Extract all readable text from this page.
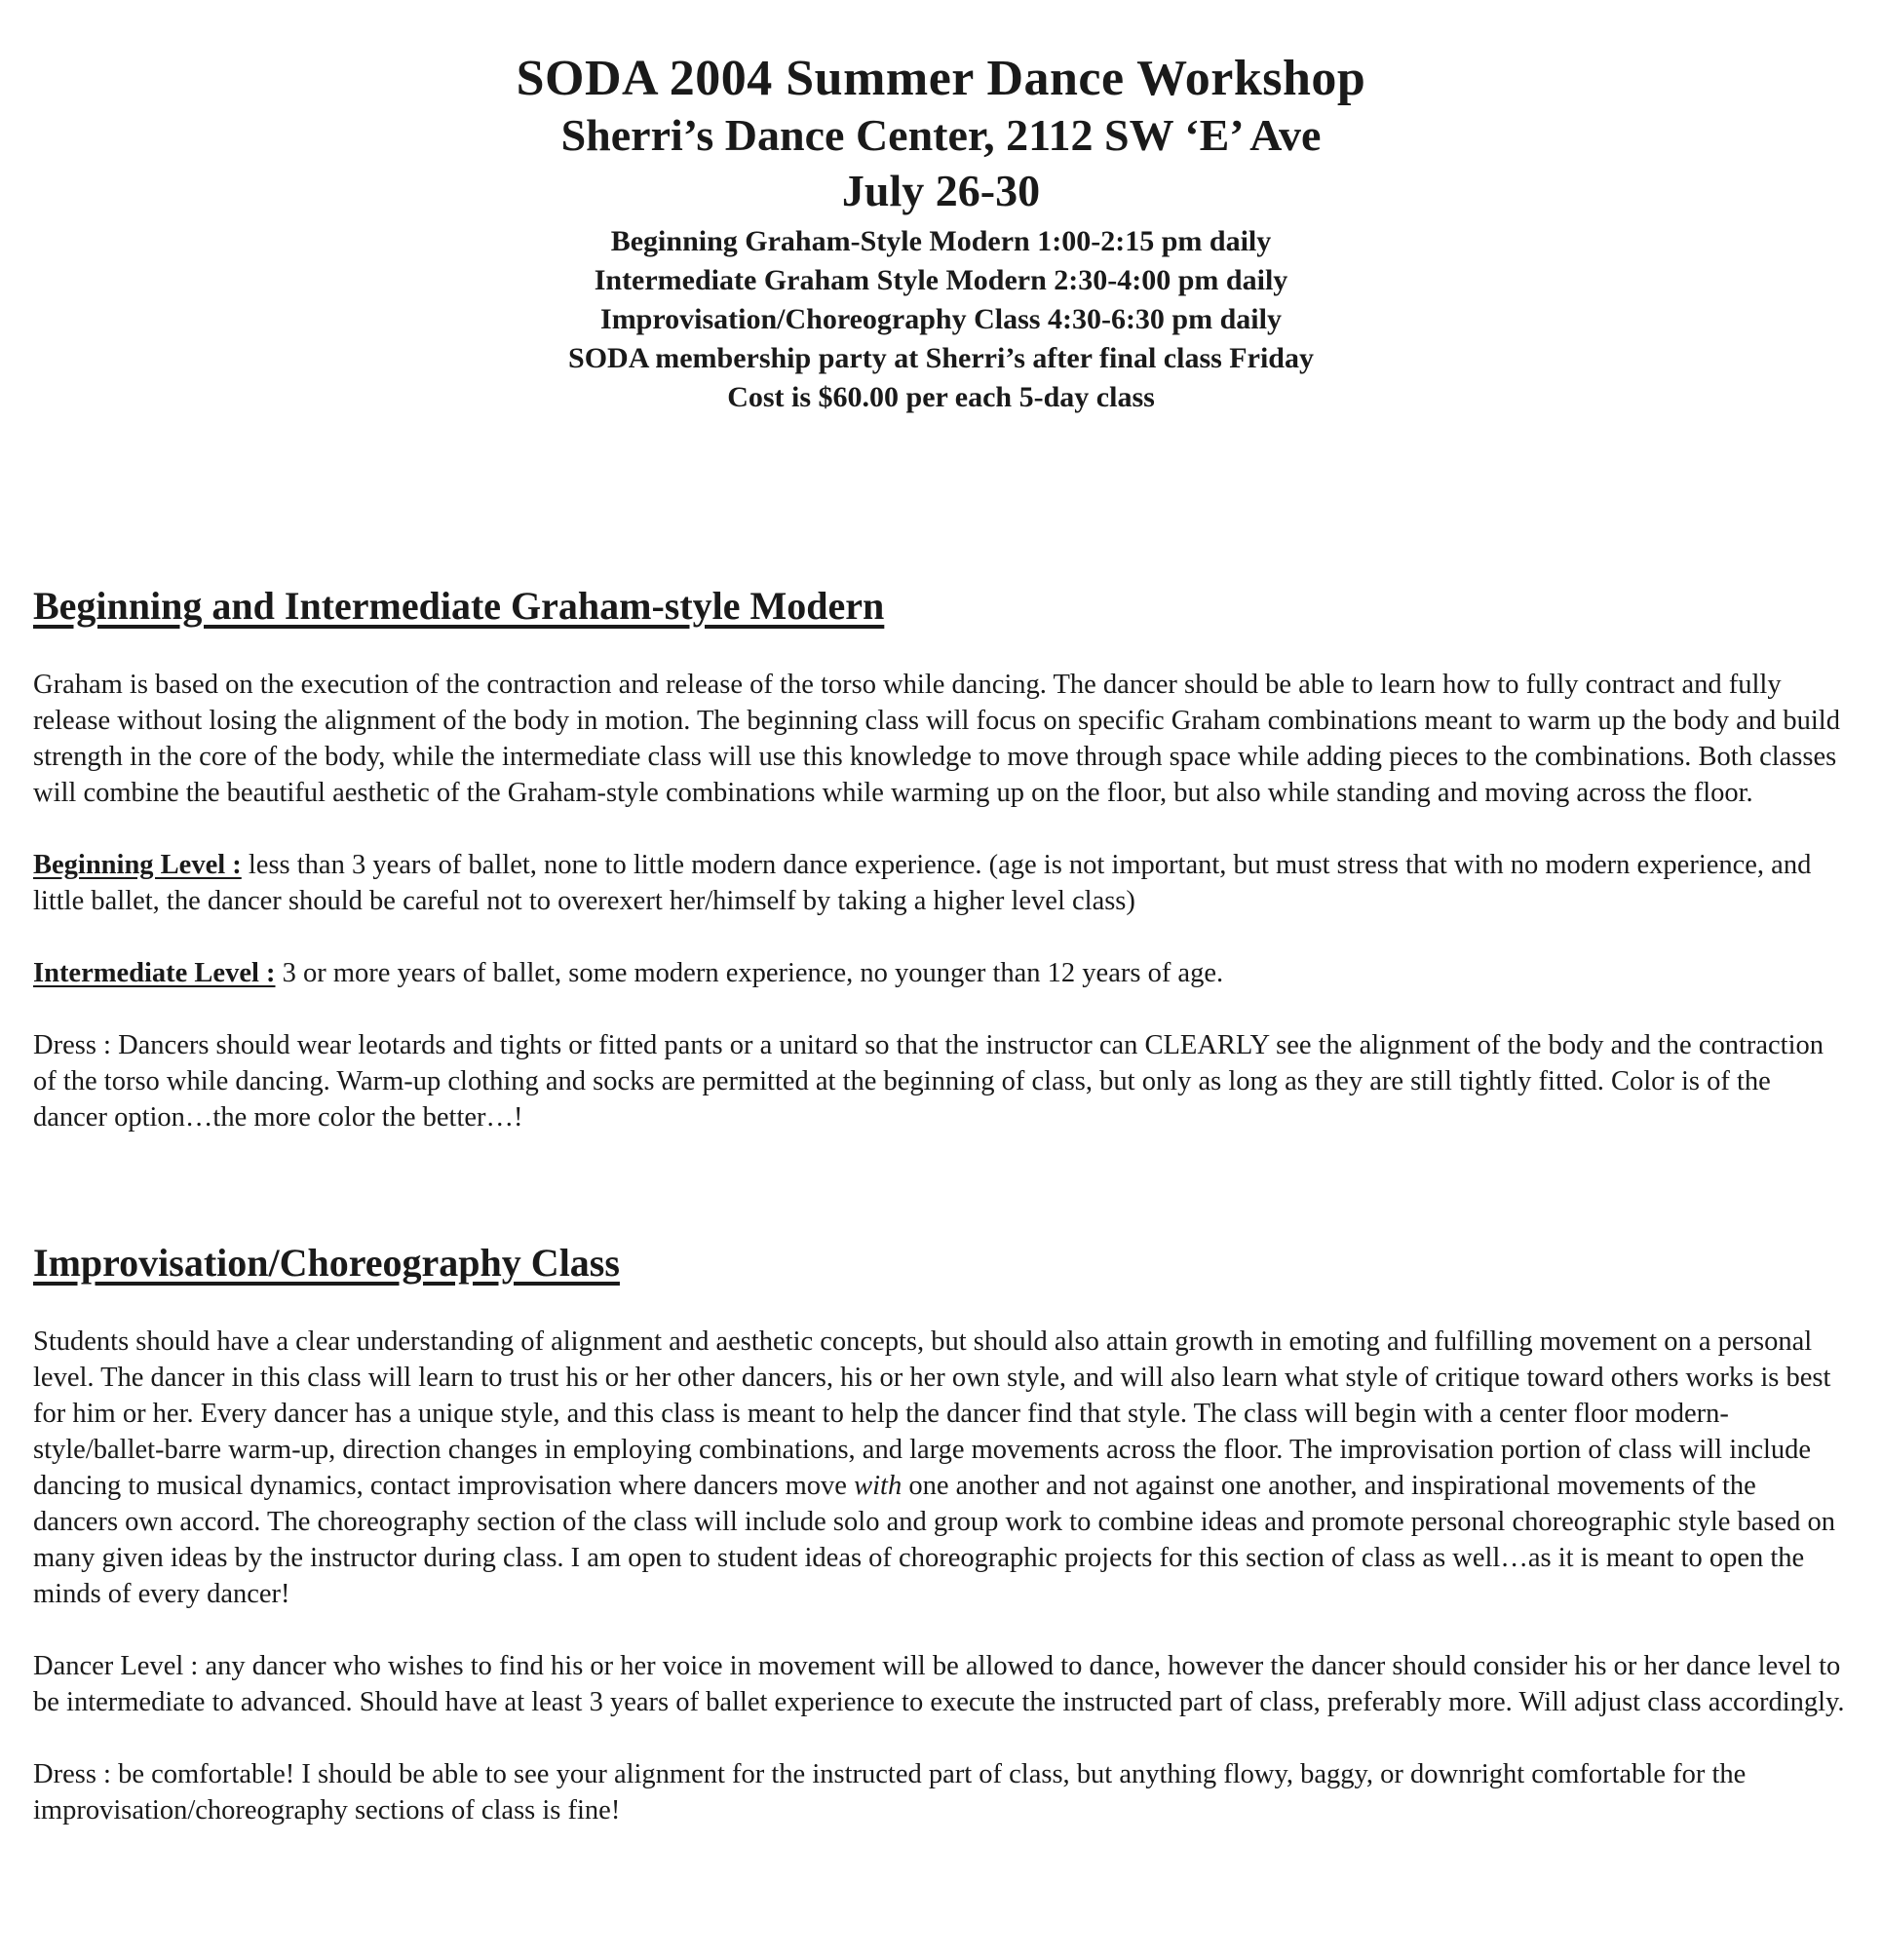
SODA 2004 Summer Dance Workshop

Sherri’s Dance Center, 2112 SW ‘E’ Ave

July 26-30

Beginning Graham-Style Modern 1:00-2:15 pm daily

Intermediate Graham Style Modern 2:30-4:00 pm daily

Improvisation/Choreography Class 4:30-6:30 pm daily

SODA membership party at Sherri’s after final class Friday

Cost is $60.00 per each 5-day class

Beginning and Intermediate Graham-style Modern

Graham is based on the execution of the contraction and release of the torso while dancing. The dancer should be able to learn how to fully contract and fully release without losing the alignment of the body in motion. The beginning class will focus on specific Graham combinations meant to warm up the body and build strength in the core of the body, while the intermediate class will use this knowledge to move through space while adding pieces to the combinations. Both classes will combine the beautiful aesthetic of the Graham-style combinations while warming up on the floor, but also while standing and moving across the floor.

Beginning Level : less than 3 years of ballet, none to little modern dance experience. (age is not important, but must stress that with no modern experience, and little ballet, the dancer should be careful not to overexert her/himself by taking a higher level class)

Intermediate Level : 3 or more years of ballet, some modern experience, no younger than 12 years of age.

Dress : Dancers should wear leotards and tights or fitted pants or a unitard so that the instructor can CLEARLY see the alignment of the body and the contraction of the torso while dancing. Warm-up clothing and socks are permitted at the beginning of class, but only as long as they are still tightly fitted. Color is of the dancer option…the more color the better…!

Improvisation/Choreography Class

Students should have a clear understanding of alignment and aesthetic concepts, but should also attain growth in emoting and fulfilling movement on a personal level. The dancer in this class will learn to trust his or her other dancers, his or her own style, and will also learn what style of critique toward others works is best for him or her. Every dancer has a unique style, and this class is meant to help the dancer find that style. The class will begin with a center floor modern-style/ballet-barre warm-up, direction changes in employing combinations, and large movements across the floor. The improvisation portion of class will include dancing to musical dynamics, contact improvisation where dancers move with one another and not against one another, and inspirational movements of the dancers own accord. The choreography section of the class will include solo and group work to combine ideas and promote personal choreographic style based on many given ideas by the instructor during class. I am open to student ideas of choreographic projects for this section of class as well…as it is meant to open the minds of every dancer!

Dancer Level : any dancer who wishes to find his or her voice in movement will be allowed to dance, however the dancer should consider his or her dance level to be intermediate to advanced. Should have at least 3 years of ballet experience to execute the instructed part of class, preferably more. Will adjust class accordingly.

Dress : be comfortable! I should be able to see your alignment for the instructed part of class, but anything flowy, baggy, or downright comfortable for the improvisation/choreography sections of class is fine!
